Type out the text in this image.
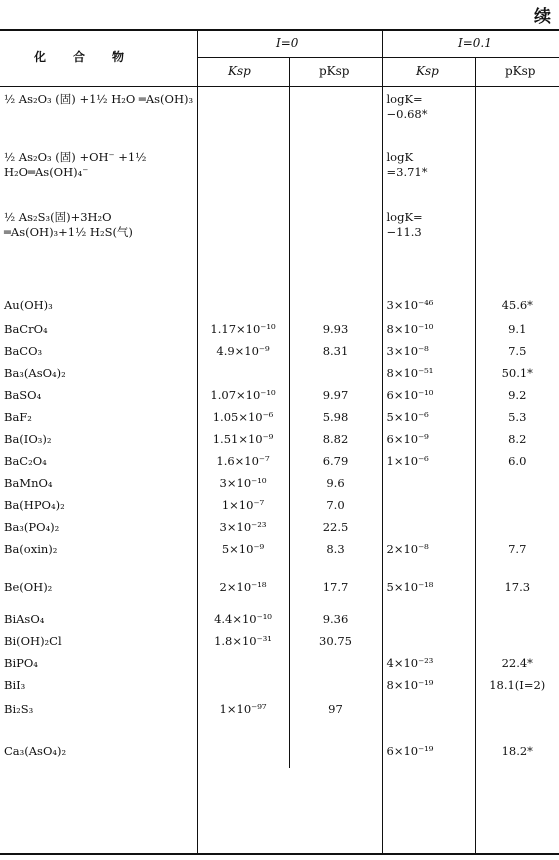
续
化　　合　　物
I=0	I=0.1
Ksp	pKsp	Ksp	pKsp
½ As₂O₃ (固) +1½ H₂O ═As(OH)₃			logK= −0.68*	
½ As₂O₃ (固) +OH⁻ +1½ H₂O═As(OH)₄⁻			logK =3.71*	
½ As₂S₃(固)+3H₂O ═As(OH)₃+1½ H₂S(气)			logK= −11.3	
Au(OH)₃			3×10⁻⁴⁶	45.6*
BaCrO₄	1.17×10⁻¹⁰	9.93	8×10⁻¹⁰	9.1
BaCO₃	4.9×10⁻⁹	8.31	3×10⁻⁸	7.5
Ba₃(AsO₄)₂			8×10⁻⁵¹	50.1*
BaSO₄	1.07×10⁻¹⁰	9.97	6×10⁻¹⁰	9.2
BaF₂	1.05×10⁻⁶	5.98	5×10⁻⁶	5.3
Ba(IO₃)₂	1.51×10⁻⁹	8.82	6×10⁻⁹	8.2
BaC₂O₄	1.6×10⁻⁷	6.79	1×10⁻⁶	6.0
BaMnO₄	3×10⁻¹⁰	9.6		
Ba(HPO₄)₂	1×10⁻⁷	7.0		
Ba₃(PO₄)₂	3×10⁻²³	22.5		
Ba(oxin)₂	5×10⁻⁹	8.3	2×10⁻⁸	7.7
Be(OH)₂	2×10⁻¹⁸	17.7	5×10⁻¹⁸	17.3
BiAsO₄	4.4×10⁻¹⁰	9.36		
Bi(OH)₂Cl	1.8×10⁻³¹	30.75		
BiPO₄			4×10⁻²³	22.4*
BiI₃			8×10⁻¹⁹	18.1(I=2)
Bi₂S₃	1×10⁻⁹⁷	97		
Ca₃(AsO₄)₂			6×10⁻¹⁹	18.2*
